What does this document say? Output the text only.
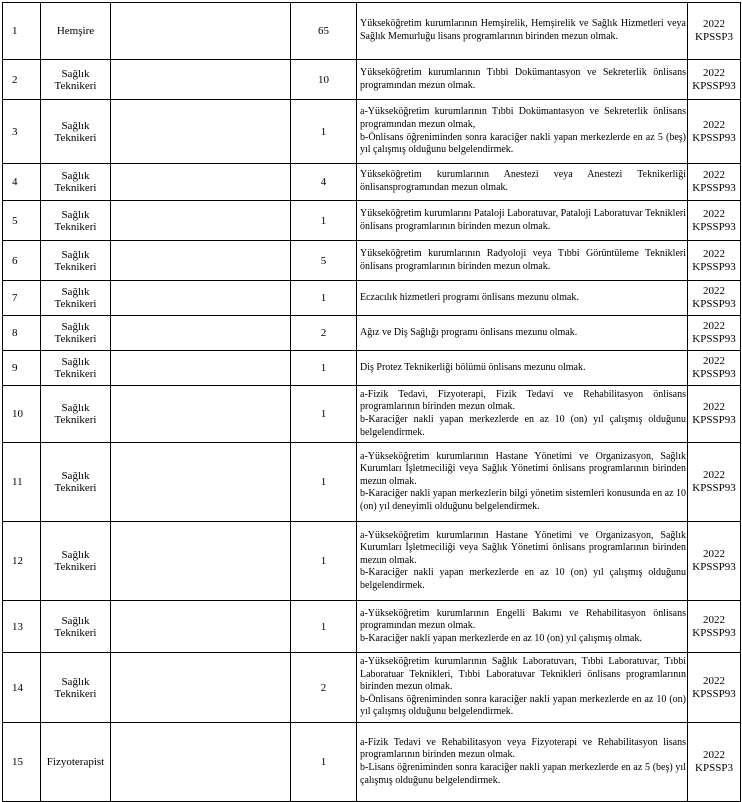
1	Hemşire		65	Yükseköğretim kurumlarının Hemşirelik, Hemşirelik ve Sağlık Hizmetleri veya Sağlık Memurluğu lisans programlarının birinden mezun olmak.	2022
KPSSP3

2	Sağlık Teknikeri		10	Yükseköğretim kurumlarının Tıbbi Dokümantasyon ve Sekreterlik önlisans programından mezun olmak.	2022
KPSSP93

3	Sağlık Teknikeri		1	a-Yükseköğretim kurumlarının Tıbbi Dokümantasyon ve Sekreterlik önlisans programından mezun olmak,
b-Önlisans öğreniminden sonra karaciğer nakli yapan merkezlerde en az 5 (beş) yıl çalışmış olduğunu belgelendirmek.	2022
KPSSP93

4	Sağlık Teknikeri		4	Yükseköğretim kurumlarının Anestezi veya Anestezi Teknikerliği önlisansprogramından mezun olmak.	2022
KPSSP93

5	Sağlık Teknikeri		1	Yükseköğretim kurumlarını Pataloji Laboratuvar, Pataloji Laboratuvar Teknikleri önlisans programlarının birinden mezun olmak.	2022
KPSSP93

6	Sağlık Teknikeri		5	Yükseköğretim kurumlarının Radyoloji veya Tıbbi Görüntüleme Teknikleri önlisans programlarının birinden mezun olmak.	2022
KPSSP93

7	Sağlık Teknikeri		1	Eczacılık hizmetleri programı önlisans mezunu olmak.	2022
KPSSP93

8	Sağlık Teknikeri		2	Ağız ve Diş Sağlığı programı önlisans mezunu olmak.	2022
KPSSP93

9	Sağlık Teknikeri		1	Diş Protez Teknikerliği bölümü önlisans mezunu olmak.	2022
KPSSP93

10	Sağlık Teknikeri		1	a-Fizik Tedavi, Fizyoterapi, Fizik Tedavi ve Rehabilitasyon önlisans programlarının birinden mezun olmak.
b-Karaciğer nakli yapan merkezlerde en az 10 (on) yıl çalışmış olduğunu belgelendirmek.	2022
KPSSP93

11	Sağlık Teknikeri		1	a-Yükseköğretim kurumlarının Hastane Yönetimi ve Organizasyon, Sağlık Kurumları İşletmeciliği veya Sağlık Yönetimi önlisans programlarının birinden mezun olmak.
b-Karaciğer nakli yapan merkezlerin bilgi yönetim sistemleri konusunda en az 10 (on) yıl deneyimli olduğunu belgelendirmek.	2022
KPSSP93

12	Sağlık Teknikeri		1	a-Yükseköğretim kurumlarının Hastane Yönetimi ve Organizasyon, Sağlık Kurumları İşletmeciliği veya Sağlık Yönetimi önlisans programlarının birinden mezun olmak.
b-Karaciğer nakli yapan merkezlerde en az 10 (on) yıl çalışmış olduğunu belgelendirmek.	2022
KPSSP93

13	Sağlık Teknikeri		1	a-Yükseköğretim kurumlarının Engelli Bakımı ve Rehabilitasyon önlisans programından mezun olmak.
b-Karaciğer nakli yapan merkezlerde en az 10 (on) yıl çalışmış olmak.	2022
KPSSP93

14	Sağlık Teknikeri		2	a-Yükseköğretim kurumlarının Sağlık Laboratuvarı, Tıbbi Laboratuvar, Tıbbi Laboratuar Teknikleri, Tıbbi Laboratuvar Teknikleri önlisans programlarının birinden mezun olmak.
b-Önlisans öğreniminden sonra karaciğer nakli yapan merkezlerde en az 10 (on) yıl çalışmış olduğunu belgelendirmek.	2022
KPSSP93

15	Fizyoterapist		1	a-Fizik Tedavi ve Rehabilitasyon veya Fizyoterapi ve Rehabilitasyon lisans programlarının birinden mezun olmak.
b-Lisans öğreniminden sonra karaciğer nakli yapan merkezlerde en az 5 (beş) yıl çalışmış olduğunu belgelendirmek.	2022
KPSSP3
